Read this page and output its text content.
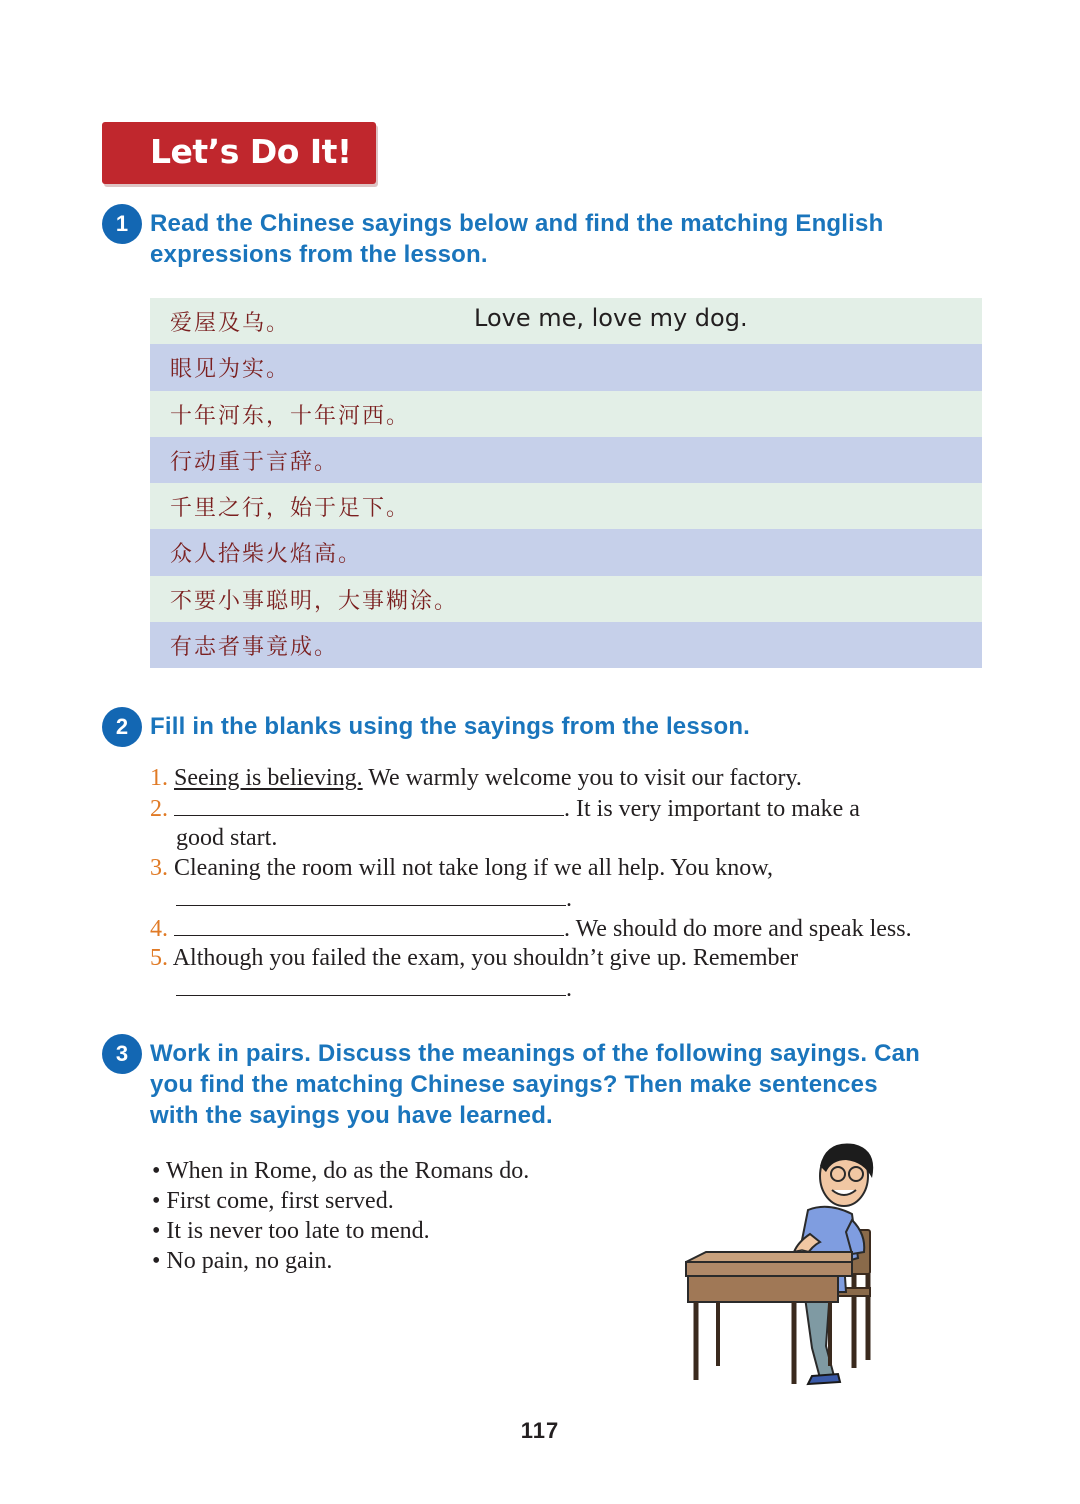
Let’s Do It!
1 Read the Chinese sayings below and find the matching English
expressions from the lesson.
爱屋及乌。	Love me, love my dog.
眼见为实。
十年河东，十年河西。
行动重于言辞。
千里之行，始于足下。
众人拾柴火焰高。
不要小事聪明，大事糊涂。
有志者事竟成。
2 Fill in the blanks using the sayings from the lesson.
1. Seeing is believing. We warmly welcome you to visit our factory.
2.	. It is very important to make a
good start.
3. Cleaning the room will not take long if we all help. You know,
.
4.	. We should do more and speak less.
5. Although you failed the exam, you shouldn’t give up. Remember
.
3 Work in pairs. Discuss the meanings of the following sayings. Can
you find the matching Chinese sayings? Then make sentences
with the sayings you have learned.
• When in Rome, do as the Romans do.
• First come, first served.
• It is never too late to mend.
• No pain, no gain.
117
